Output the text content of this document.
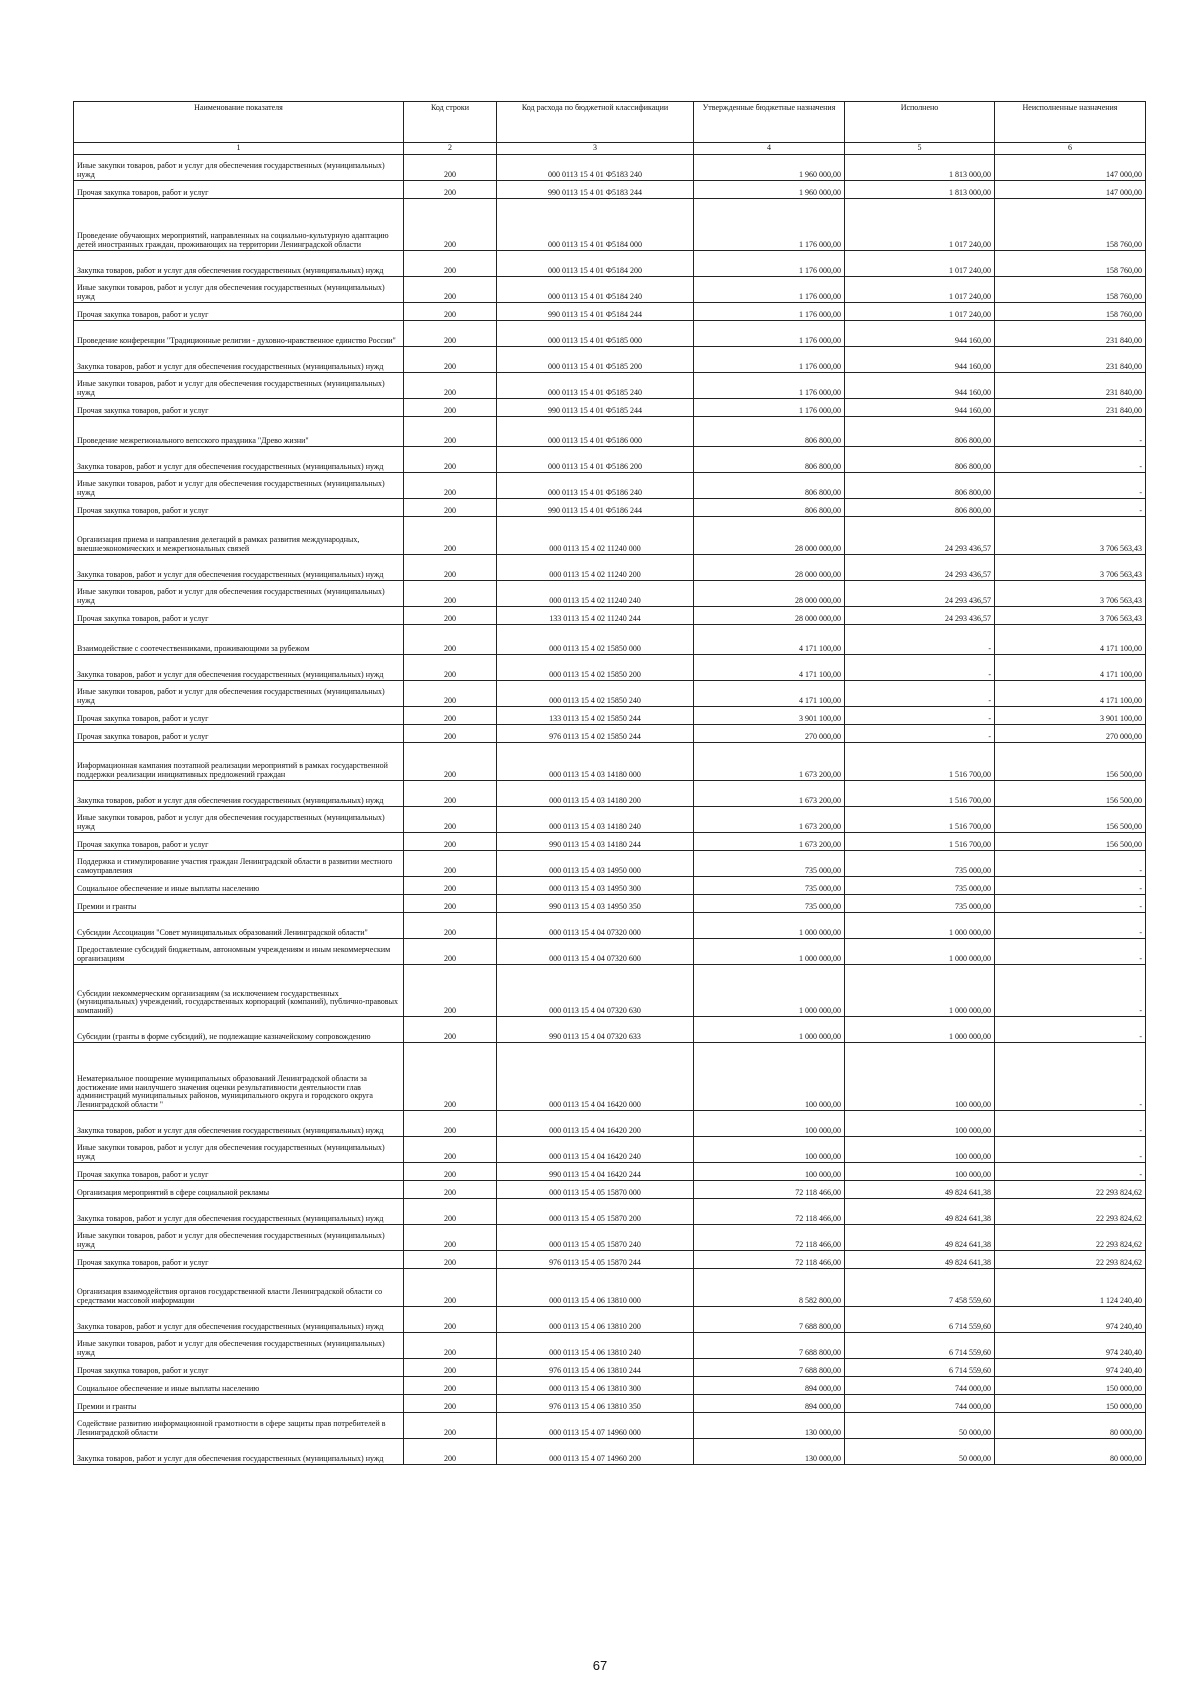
Наименование показателя	Код строки	Код расхода по бюджетной классификации	Утвержденные бюджетные назначения	Исполнено	Неисполненные назначения
1	2	3	4	5	6
Иные закупки товаров, работ и услуг для обеспечения государственных (муниципальных) нужд	200	000 0113 15 4 01 Ф5183 240	1 960 000,00	1 813 000,00	147 000,00
Прочая закупка товаров, работ и услуг	200	990 0113 15 4 01 Ф5183 244	1 960 000,00	1 813 000,00	147 000,00
Проведение обучающих мероприятий, направленных на социально-культурную адаптацию детей иностранных граждан, проживающих на территории Ленинградской области	200	000 0113 15 4 01 Ф5184 000	1 176 000,00	1 017 240,00	158 760,00
Закупка товаров, работ и услуг для обеспечения государственных (муниципальных) нужд	200	000 0113 15 4 01 Ф5184 200	1 176 000,00	1 017 240,00	158 760,00
Иные закупки товаров, работ и услуг для обеспечения государственных (муниципальных) нужд	200	000 0113 15 4 01 Ф5184 240	1 176 000,00	1 017 240,00	158 760,00
Прочая закупка товаров, работ и услуг	200	990 0113 15 4 01 Ф5184 244	1 176 000,00	1 017 240,00	158 760,00
Проведение конференции "Традиционные религии - духовно-нравственное единство России"	200	000 0113 15 4 01 Ф5185 000	1 176 000,00	944 160,00	231 840,00
Закупка товаров, работ и услуг для обеспечения государственных (муниципальных) нужд	200	000 0113 15 4 01 Ф5185 200	1 176 000,00	944 160,00	231 840,00
Иные закупки товаров, работ и услуг для обеспечения государственных (муниципальных) нужд	200	000 0113 15 4 01 Ф5185 240	1 176 000,00	944 160,00	231 840,00
Прочая закупка товаров, работ и услуг	200	990 0113 15 4 01 Ф5185 244	1 176 000,00	944 160,00	231 840,00
Проведение межрегионального вепсского праздника "Древо жизни"	200	000 0113 15 4 01 Ф5186 000	806 800,00	806 800,00	-
Закупка товаров, работ и услуг для обеспечения государственных (муниципальных) нужд	200	000 0113 15 4 01 Ф5186 200	806 800,00	806 800,00	-
Иные закупки товаров, работ и услуг для обеспечения государственных (муниципальных) нужд	200	000 0113 15 4 01 Ф5186 240	806 800,00	806 800,00	-
Прочая закупка товаров, работ и услуг	200	990 0113 15 4 01 Ф5186 244	806 800,00	806 800,00	-
Организация приема и направления делегаций в рамках развития международных, внешнеэкономических и межрегиональных связей	200	000 0113 15 4 02 11240 000	28 000 000,00	24 293 436,57	3 706 563,43
Закупка товаров, работ и услуг для обеспечения государственных (муниципальных) нужд	200	000 0113 15 4 02 11240 200	28 000 000,00	24 293 436,57	3 706 563,43
Иные закупки товаров, работ и услуг для обеспечения государственных (муниципальных) нужд	200	000 0113 15 4 02 11240 240	28 000 000,00	24 293 436,57	3 706 563,43
Прочая закупка товаров, работ и услуг	200	133 0113 15 4 02 11240 244	28 000 000,00	24 293 436,57	3 706 563,43
Взаимодействие с соотечественниками, проживающими за рубежом	200	000 0113 15 4 02 15850 000	4 171 100,00	-	4 171 100,00
Закупка товаров, работ и услуг для обеспечения государственных (муниципальных) нужд	200	000 0113 15 4 02 15850 200	4 171 100,00	-	4 171 100,00
Иные закупки товаров, работ и услуг для обеспечения государственных (муниципальных) нужд	200	000 0113 15 4 02 15850 240	4 171 100,00	-	4 171 100,00
Прочая закупка товаров, работ и услуг	200	133 0113 15 4 02 15850 244	3 901 100,00	-	3 901 100,00
Прочая закупка товаров, работ и услуг	200	976 0113 15 4 02 15850 244	270 000,00	-	270 000,00
Информационная кампания поэтапной реализации мероприятий в рамках государственной поддержки реализации инициативных предложений граждан	200	000 0113 15 4 03 14180 000	1 673 200,00	1 516 700,00	156 500,00
Закупка товаров, работ и услуг для обеспечения государственных (муниципальных) нужд	200	000 0113 15 4 03 14180 200	1 673 200,00	1 516 700,00	156 500,00
Иные закупки товаров, работ и услуг для обеспечения государственных (муниципальных) нужд	200	000 0113 15 4 03 14180 240	1 673 200,00	1 516 700,00	156 500,00
Прочая закупка товаров, работ и услуг	200	990 0113 15 4 03 14180 244	1 673 200,00	1 516 700,00	156 500,00
Поддержка и стимулирование участия граждан Ленинградской области в развитии местного самоуправления	200	000 0113 15 4 03 14950 000	735 000,00	735 000,00	-
Социальное обеспечение и иные выплаты населению	200	000 0113 15 4 03 14950 300	735 000,00	735 000,00	-
Премии и гранты	200	990 0113 15 4 03 14950 350	735 000,00	735 000,00	-
Субсидии Ассоциации "Совет муниципальных образований Ленинградской области"	200	000 0113 15 4 04 07320 000	1 000 000,00	1 000 000,00	-
Предоставление субсидий бюджетным, автономным учреждениям и иным некоммерческим организациям	200	000 0113 15 4 04 07320 600	1 000 000,00	1 000 000,00	-
Субсидии некоммерческим организациям (за исключением государственных (муниципальных) учреждений, государственных корпораций (компаний), публично-правовых компаний)	200	000 0113 15 4 04 07320 630	1 000 000,00	1 000 000,00	-
Субсидии (гранты в форме субсидий), не подлежащие казначейскому сопровождению	200	990 0113 15 4 04 07320 633	1 000 000,00	1 000 000,00	-
Нематериальное поощрение муниципальных образований Ленинградской области за достижение ими наилучшего значения оценки результативности деятельности глав администраций муниципальных районов, муниципального округа и городского округа Ленинградской области "	200	000 0113 15 4 04 16420 000	100 000,00	100 000,00	-
Закупка товаров, работ и услуг для обеспечения государственных (муниципальных) нужд	200	000 0113 15 4 04 16420 200	100 000,00	100 000,00	-
Иные закупки товаров, работ и услуг для обеспечения государственных (муниципальных) нужд	200	000 0113 15 4 04 16420 240	100 000,00	100 000,00	-
Прочая закупка товаров, работ и услуг	200	990 0113 15 4 04 16420 244	100 000,00	100 000,00	-
Организация мероприятий в сфере социальной рекламы	200	000 0113 15 4 05 15870 000	72 118 466,00	49 824 641,38	22 293 824,62
Закупка товаров, работ и услуг для обеспечения государственных (муниципальных) нужд	200	000 0113 15 4 05 15870 200	72 118 466,00	49 824 641,38	22 293 824,62
Иные закупки товаров, работ и услуг для обеспечения государственных (муниципальных) нужд	200	000 0113 15 4 05 15870 240	72 118 466,00	49 824 641,38	22 293 824,62
Прочая закупка товаров, работ и услуг	200	976 0113 15 4 05 15870 244	72 118 466,00	49 824 641,38	22 293 824,62
Организация взаимодействия органов государственной власти Ленинградской области со средствами массовой информации	200	000 0113 15 4 06 13810 000	8 582 800,00	7 458 559,60	1 124 240,40
Закупка товаров, работ и услуг для обеспечения государственных (муниципальных) нужд	200	000 0113 15 4 06 13810 200	7 688 800,00	6 714 559,60	974 240,40
Иные закупки товаров, работ и услуг для обеспечения государственных (муниципальных) нужд	200	000 0113 15 4 06 13810 240	7 688 800,00	6 714 559,60	974 240,40
Прочая закупка товаров, работ и услуг	200	976 0113 15 4 06 13810 244	7 688 800,00	6 714 559,60	974 240,40
Социальное обеспечение и иные выплаты населению	200	000 0113 15 4 06 13810 300	894 000,00	744 000,00	150 000,00
Премии и гранты	200	976 0113 15 4 06 13810 350	894 000,00	744 000,00	150 000,00
Содействие развитию информационной грамотности в сфере защиты прав потребителей в Ленинградской области	200	000 0113 15 4 07 14960 000	130 000,00	50 000,00	80 000,00
Закупка товаров, работ и услуг для обеспечения государственных (муниципальных) нужд	200	000 0113 15 4 07 14960 200	130 000,00	50 000,00	80 000,00
67
